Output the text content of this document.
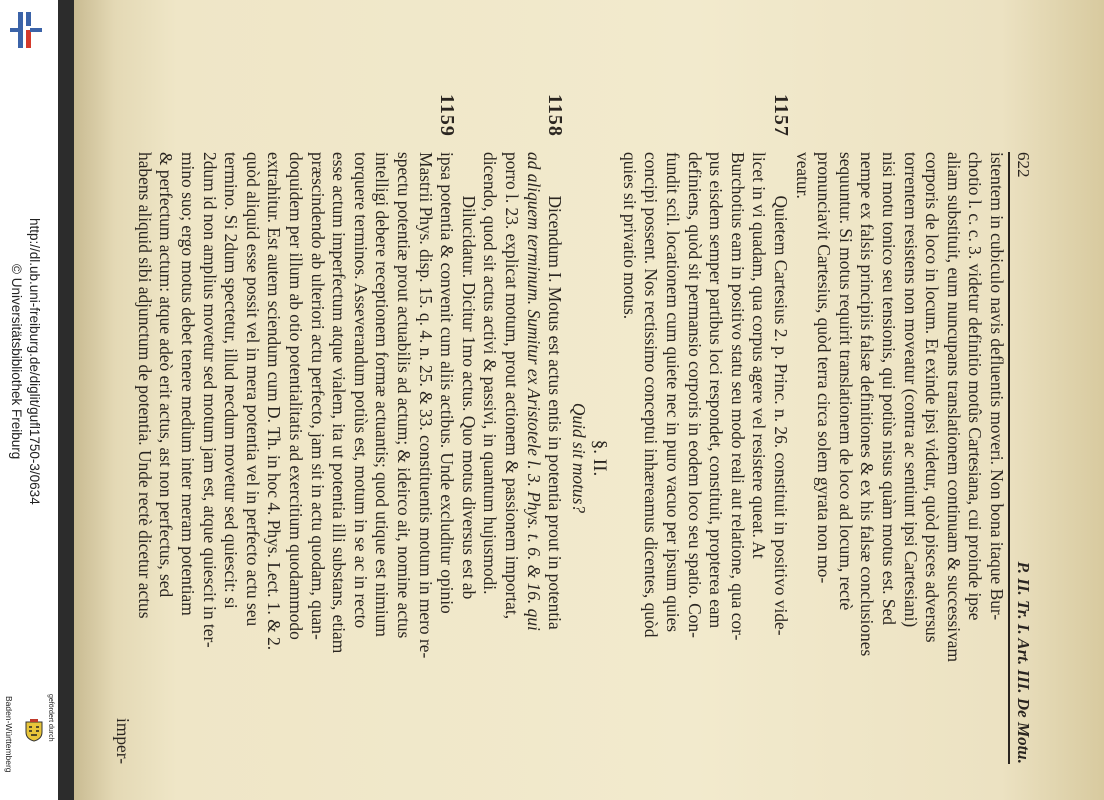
http://dl.ub.uni-freiburg.de/diglit/gufl1750-3/0634
© Universitätsbibliothek Freiburg
gefördert durch
Baden-Württemberg
622
P. II. Tr. I. Art. III. De Motu.
istentem in cubiculo navis defluentis moveri. Non bona itaque Bur-
chotio l. c. c. 3. videtur definitio motûs Cartesiana, cui proinde ipse
aliam substituit, eum nuncupans translationem continuam & successivam
corporis de loco in locum. Et exinde ipsi videtur, quòd pisces adversus
torrentem resistens non moveatur (contra ac sentiunt ipsi Cartesiani)
nisi motu tonico seu tensionis, qui potiùs nisus quàm motus est. Sed
nempe ex falsis principiis falsæ definitiones & ex his falsæ conclusiones
sequuntur. Si motus requirit translationem de loco ad locum, rectè
pronunciavit Cartesius, quòd terra circa solem gyrata non mo-
veatur.
1157
Quietem Cartesius 2. p. Princ. n. 26. constituit in positivo vide-
licet in vi quadam, qua corpus agere vel resistere queat. At
Burchotius eam in positivo statu seu modo reali aut relatione, qua cor-
pus eisdem semper partibus loci respondet, constituit, propterea eam
definiens, quòd sit permansio corporis in eodem loco seu spatio. Con-
fundit scil. locationem cum quiete nec in puro vacuo per ipsum quies
concipi possent. Nos rectissimo conceptui inhæreamus dicentes, quòd
quies sit privatio motus.
§. II.
Quid sit motus?
1158
1159
Dicendum I. Motus est actus entis in potentia prout in potentia
ad aliquem terminum. Sumitur ex Aristotele l. 3. Phys. t. 6. & 16. qui
porro l. 23. explicat motum, prout actionem & passionem importat,
dicendo, quod sit actus activi & passivi, in quantum hujusmodi.
Dilucidatur. Dicitur 1mo actus. Quo motus diversus est ab
ipsa potentia & convenit cum aliis actibus. Unde excluditur opinio
Mastrii Phys. disp. 15. q. 4. n. 25. & 33. constituentis motum in mero re-
spectu potentiæ prout actuabilis ad actum; & ideirco ait, nomine actus
intelligi debere receptionem formæ actuantis; quod utique est nimium
torquere terminos. Asseverandum potiùs est, motum in se ac in recto
esse actum imperfectum atque vialem, ita ut potentia illi substans, etiam
præscindendo ab ulteriori actu perfecto, jam sit in actu quodam, quan-
doquidem per illum ab otio potentialitatis ad exercitium quodammodo
extrahitur. Est autem sciendum cum D. Th. in hoc 4. Phys. Lect. 1. & 2.
quòd aliquid esse possit vel in mera potentia vel in perfecto actu seu
termino. Si 2dum spectetur, illud necdum movetur sed quiescit: si
2dum id non amplius movetur sed motum jam est, atque quiescit in ter-
mino suo; ergo motus debet tenere medium inter meram potentiam
& perfectum actum: atque adeò erit actus, ast non perfectus, sed
habens aliquid sibi adjunctum de potentia. Unde rectè dicetur actus
imper-
